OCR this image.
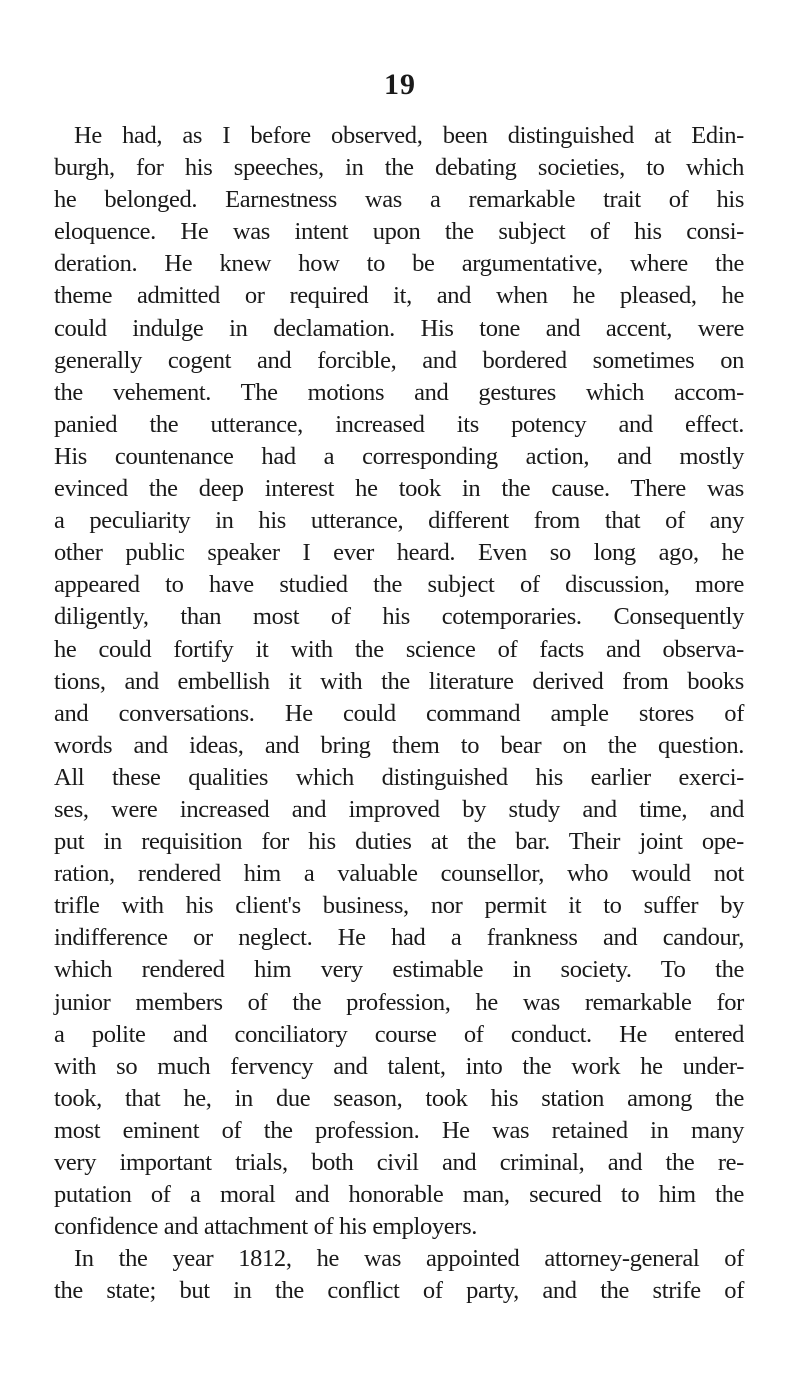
19
He had, as I before observed, been distinguished at Edin-
burgh, for his speeches, in the debating societies, to which
he belonged. Earnestness was a remarkable trait of his
eloquence. He was intent upon the subject of his consi-
deration. He knew how to be argumentative, where the
theme admitted or required it, and when he pleased, he
could indulge in declamation. His tone and accent, were
generally cogent and forcible, and bordered sometimes on
the vehement. The motions and gestures which accom-
panied the utterance, increased its potency and effect.
His countenance had a corresponding action, and mostly
evinced the deep interest he took in the cause. There was
a peculiarity in his utterance, different from that of any
other public speaker I ever heard. Even so long ago, he
appeared to have studied the subject of discussion, more
diligently, than most of his cotemporaries. Consequently
he could fortify it with the science of facts and observa-
tions, and embellish it with the literature derived from books
and conversations. He could command ample stores of
words and ideas, and bring them to bear on the question.
All these qualities which distinguished his earlier exerci-
ses, were increased and improved by study and time, and
put in requisition for his duties at the bar. Their joint ope-
ration, rendered him a valuable counsellor, who would not
trifle with his client's business, nor permit it to suffer by
indifference or neglect. He had a frankness and candour,
which rendered him very estimable in society. To the
junior members of the profession, he was remarkable for
a polite and conciliatory course of conduct. He entered
with so much fervency and talent, into the work he under-
took, that he, in due season, took his station among the
most eminent of the profession. He was retained in many
very important trials, both civil and criminal, and the re-
putation of a moral and honorable man, secured to him the
confidence and attachment of his employers.
In the year 1812, he was appointed attorney-general of
the state; but in the conflict of party, and the strife of
